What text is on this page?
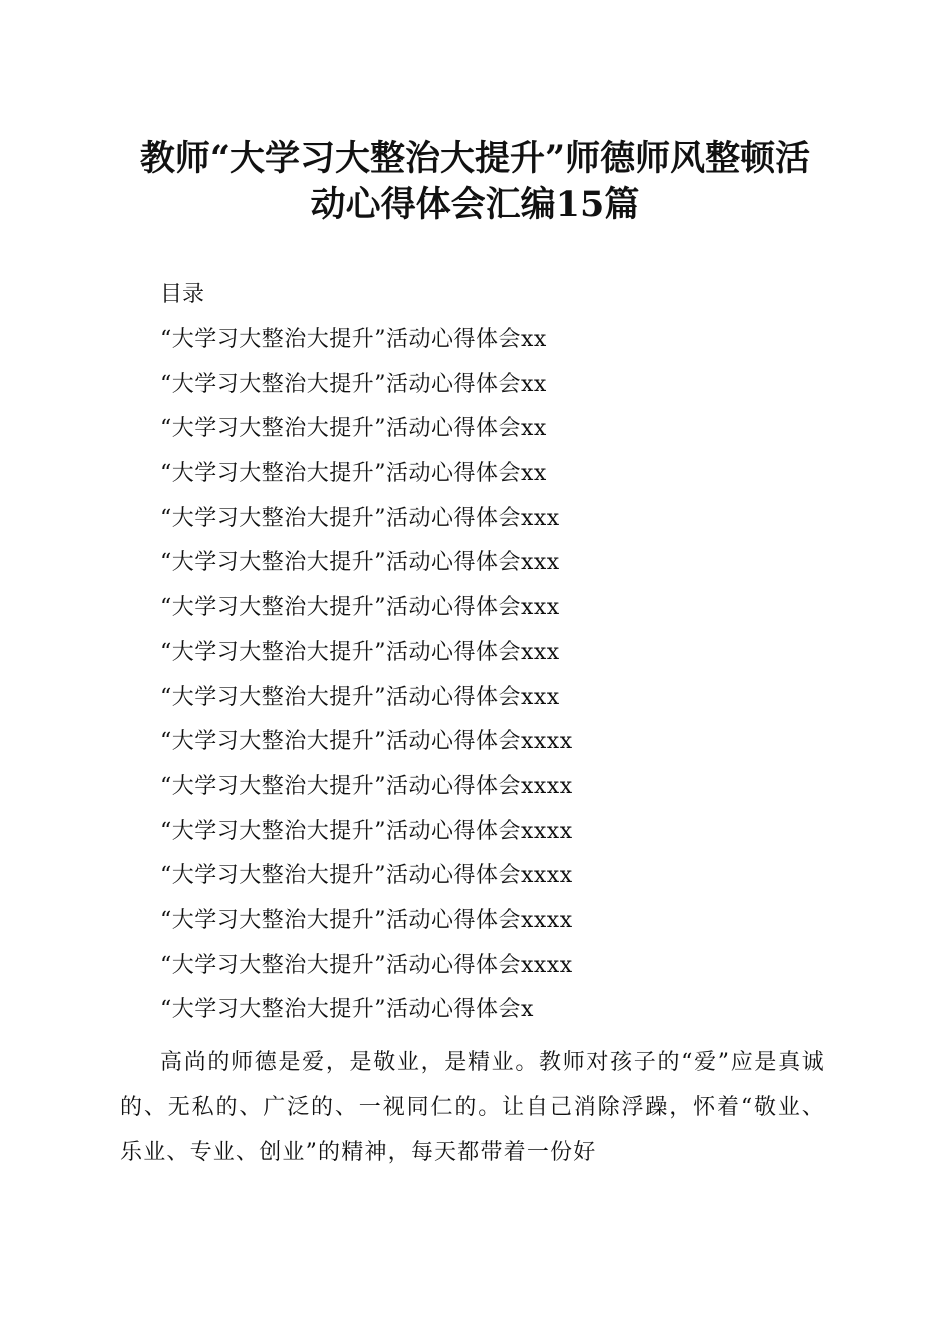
教师“大学习大整治大提升”师德师风整顿活
动心得体会汇编15篇
目录
“大学习大整治大提升”活动心得体会xx
“大学习大整治大提升”活动心得体会xx
“大学习大整治大提升”活动心得体会xx
“大学习大整治大提升”活动心得体会xx
“大学习大整治大提升”活动心得体会xxx
“大学习大整治大提升”活动心得体会xxx
“大学习大整治大提升”活动心得体会xxx
“大学习大整治大提升”活动心得体会xxx
“大学习大整治大提升”活动心得体会xxx
“大学习大整治大提升”活动心得体会xxxx
“大学习大整治大提升”活动心得体会xxxx
“大学习大整治大提升”活动心得体会xxxx
“大学习大整治大提升”活动心得体会xxxx
“大学习大整治大提升”活动心得体会xxxx
“大学习大整治大提升”活动心得体会xxxx
“大学习大整治大提升”活动心得体会x

高尚的师德是爱，是敬业，是精业。教师对孩子的“爱”应是真诚的、无私的、广泛的、一视同仁的。让自己消除浮躁，怀着“敬业、乐业、专业、创业”的精神，每天都带着一份好
